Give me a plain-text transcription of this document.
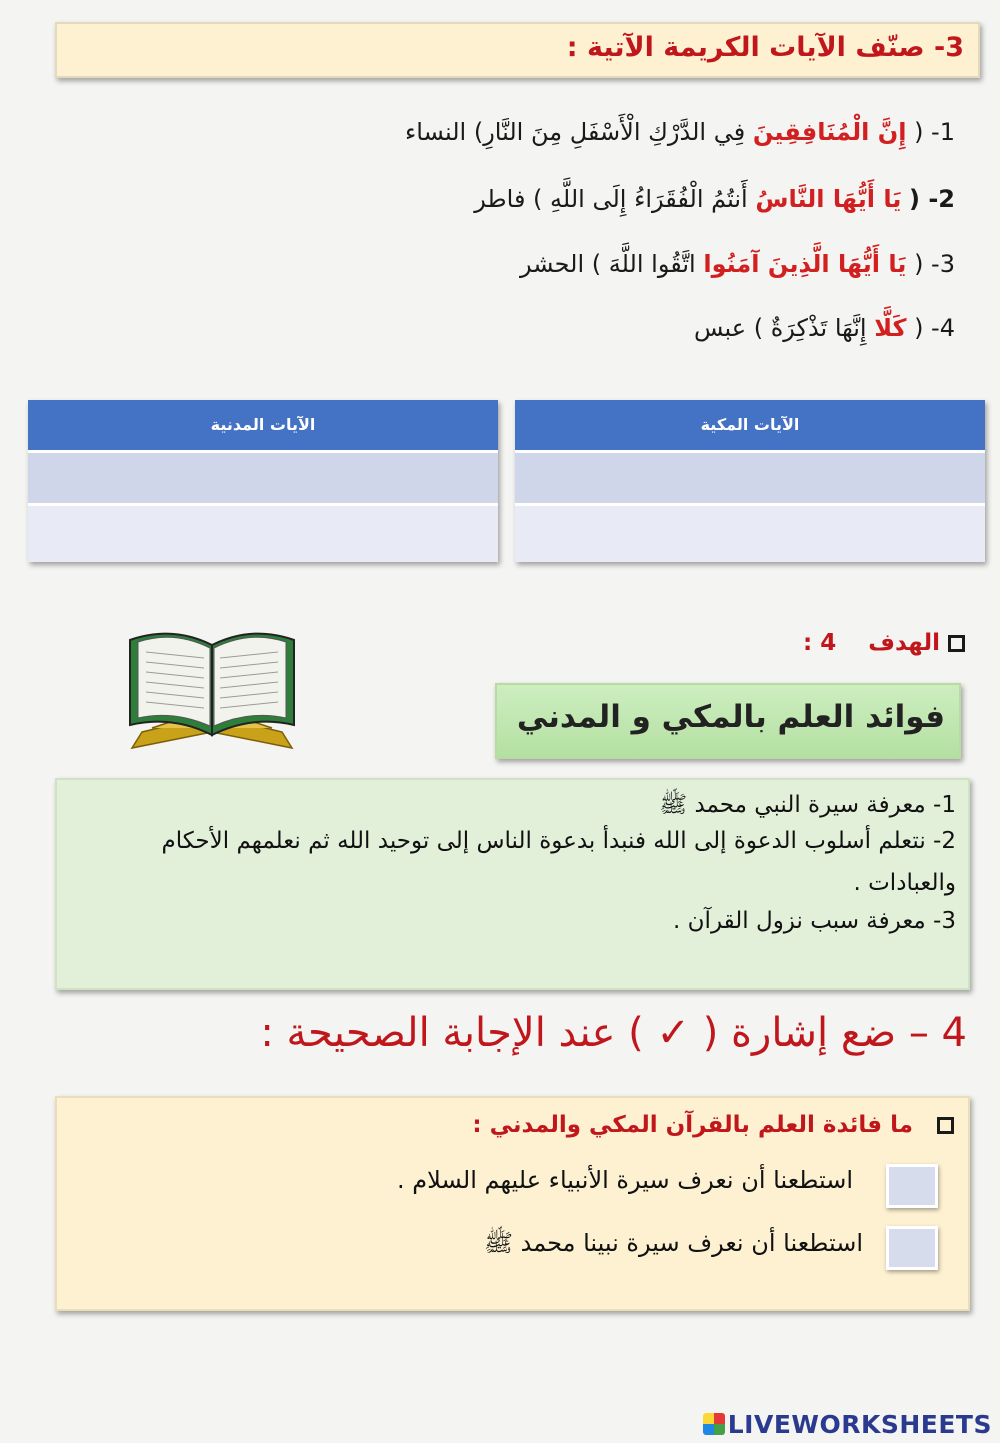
3- صنّف الآيات الكريمة الآتية :
1- ( إِنَّ الْمُنَافِقِينَ فِي الدَّرْكِ الْأَسْفَلِ مِنَ النَّارِ) النساء
2- ( يَا أَيُّهَا النَّاسُ أَنتُمُ الْفُقَرَاءُ إِلَى اللَّهِ ) فاطر
3- ( يَا أَيُّهَا الَّذِينَ آمَنُوا اتَّقُوا اللَّهَ ) الحشر
4- ( كَلَّا إِنَّهَا تَذْكِرَةٌ ) عبس
الآيات المكية
الآيات المدنية
الهدف    4 :
فوائد العلم بالمكي و المدني

1- معرفة سيرة النبي محمد ﷺ

2- نتعلم أسلوب الدعوة إلى الله فنبدأ بدعوة الناس إلى توحيد الله ثم نعلمهم الأحكام

والعبادات .

3- معرفة سبب نزول القرآن .

4 – ضع إشارة ( ✓ ) عند الإجابة الصحيحة :
ما فائدة العلم بالقرآن المكي والمدني :
استطعنا أن نعرف سيرة الأنبياء عليهم السلام .
استطعنا أن نعرف سيرة نبينا محمد ﷺ
LIVEWORKSHEETS
